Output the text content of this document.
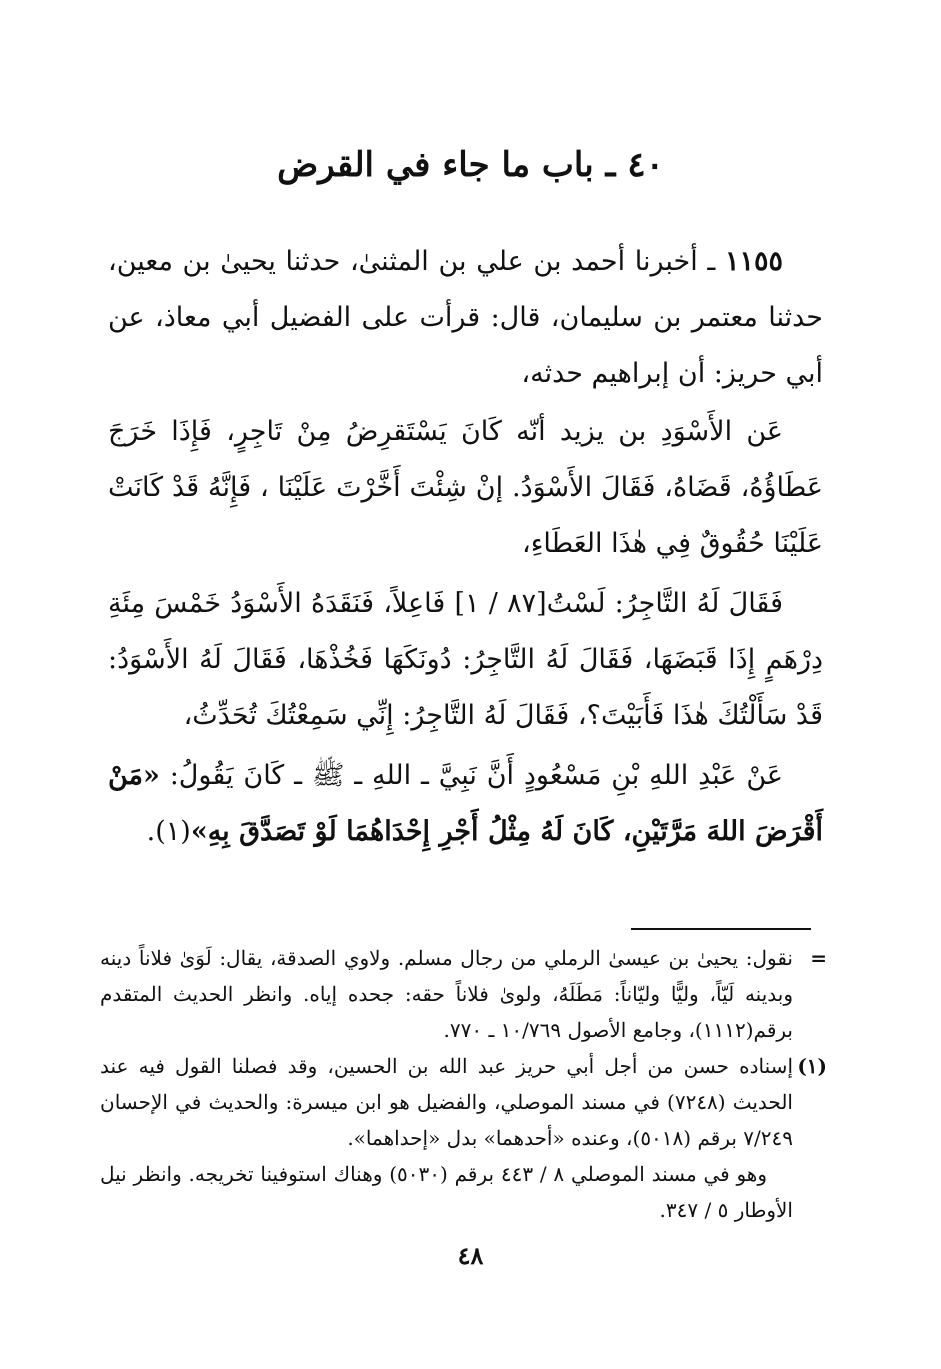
٤٠ ـ باب ما جاء في القرض

١١٥٥ ـ أخبرنا أحمد بن علي بن المثنىٰ، حدثنا يحيىٰ بن معين، حدثنا معتمر بن سليمان، قال: قرأت على الفضيل أبي معاذ، عن أبي حريز: أن إبراهيم حدثه،

عَن الأَسْوَدِ بن يزيد أنّه كَانَ يَسْتَقرِضُ مِنْ تَاجِرٍ، فَإِذَا خَرَجَ عَطَاؤُهُ، قَضَاهُ، فَقَالَ الأَسْوَدُ. إنْ شِئْتَ أَخَّرْتَ عَلَيْنَا ، فَإِنَّهُ قَدْ كَانَتْ عَلَيْنَا حُقُوقٌ فِي هٰذَا العَطَاءِ،

فَقَالَ لَهُ التَّاجِرُ: لَسْتُ[٨٧ / ١] فَاعِلاً، فَنَقَدَهُ الأَسْوَدُ خَمْسَ مِئَةِ دِرْهَمٍ إِذَا قَبَضَهَا، فَقَالَ لَهُ التَّاجِرُ: دُونَكَهَا فَخُذْهَا، فَقَالَ لَهُ الأَسْوَدُ: قَدْ سَأَلْتُكَ هٰذَا فَأَبَيْتَ؟، فَقَالَ لَهُ التَّاجِرُ: إِنِّي سَمِعْتُكَ تُحَدِّثُ،

عَنْ عَبْدِ اللهِ بْنِ مَسْعُودٍ أَنَّ نَبِيَّ ـ اللهِ ـ ﷺ ـ كَانَ يَقُولُ: «مَنْ أَقْرَضَ اللهَ مَرَّتَيْنِ، كَانَ لَهُ مِثْلُ أَجْرِ إِحْدَاهُمَا لَوْ تَصَدَّقَ بِهِ»(١).

=
نقول: يحيىٰ بن عيسىٰ الرملي من رجال مسلم. ولاوي الصدقة، يقال: لَوَىٰ فلاناً دينه وبدينه لَيّاً، وليًّا وليّاناً: مَطَلَهُ، ولوىٰ فلاناً حقه: جحده إياه. وانظر الحديث المتقدم برقم(١١١٢)، وجامع الأصول ١٠/٧٦٩ ـ ٧٧٠.

(١)
إسناده حسن من أجل أبي حريز عبد الله بن الحسين، وقد فصلنا القول فيه عند الحديث (٧٢٤٨) في مسند الموصلي، والفضيل هو ابن ميسرة: والحديث في الإحسان ٧/٢٤٩ برقم (٥٠١٨)، وعنده «أحدهما» بدل «إحداهما».

وهو في مسند الموصلي ٨ / ٤٤٣ برقم (٥٠٣٠) وهناك استوفينا تخريجه. وانظر نيل الأوطار ٥ / ٣٤٧.

٤٨
